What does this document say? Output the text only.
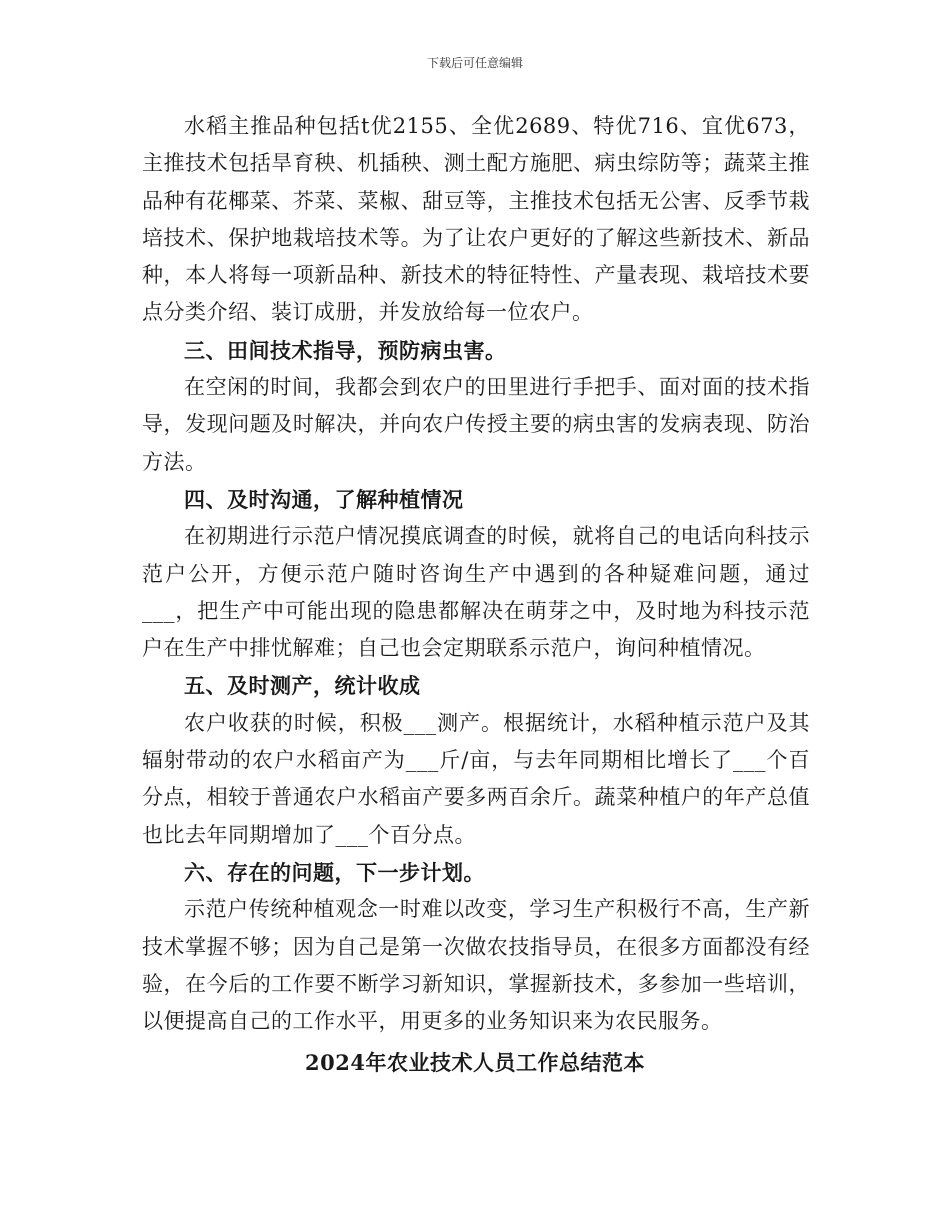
下载后可任意编辑

水稻主推品种包括t优2155、全优2689、特优716、宜优673，主推技术包括旱育秧、机插秧、测土配方施肥、病虫综防等；蔬菜主推品种有花椰菜、芥菜、菜椒、甜豆等，主推技术包括无公害、反季节栽培技术、保护地栽培技术等。为了让农户更好的了解这些新技术、新品种，本人将每一项新品种、新技术的特征特性、产量表现、栽培技术要点分类介绍、装订成册，并发放给每一位农户。

三、田间技术指导，预防病虫害。

在空闲的时间，我都会到农户的田里进行手把手、面对面的技术指导，发现问题及时解决，并向农户传授主要的病虫害的发病表现、防治方法。

四、及时沟通，了解种植情况

在初期进行示范户情况摸底调查的时候，就将自己的电话向科技示范户公开，方便示范户随时咨询生产中遇到的各种疑难问题，通过___，把生产中可能出现的隐患都解决在萌芽之中，及时地为科技示范户在生产中排忧解难；自己也会定期联系示范户，询问种植情况。

五、及时测产，统计收成

农户收获的时候，积极___测产。根据统计，水稻种植示范户及其辐射带动的农户水稻亩产为___斤/亩，与去年同期相比增长了___个百分点，相较于普通农户水稻亩产要多两百余斤。蔬菜种植户的年产总值也比去年同期增加了___个百分点。

六、存在的问题，下一步计划。

示范户传统种植观念一时难以改变，学习生产积极行不高，生产新技术掌握不够；因为自己是第一次做农技指导员，在很多方面都没有经验，在今后的工作要不断学习新知识，掌握新技术，多参加一些培训，以便提高自己的工作水平，用更多的业务知识来为农民服务。

2024年农业技术人员工作总结范本
